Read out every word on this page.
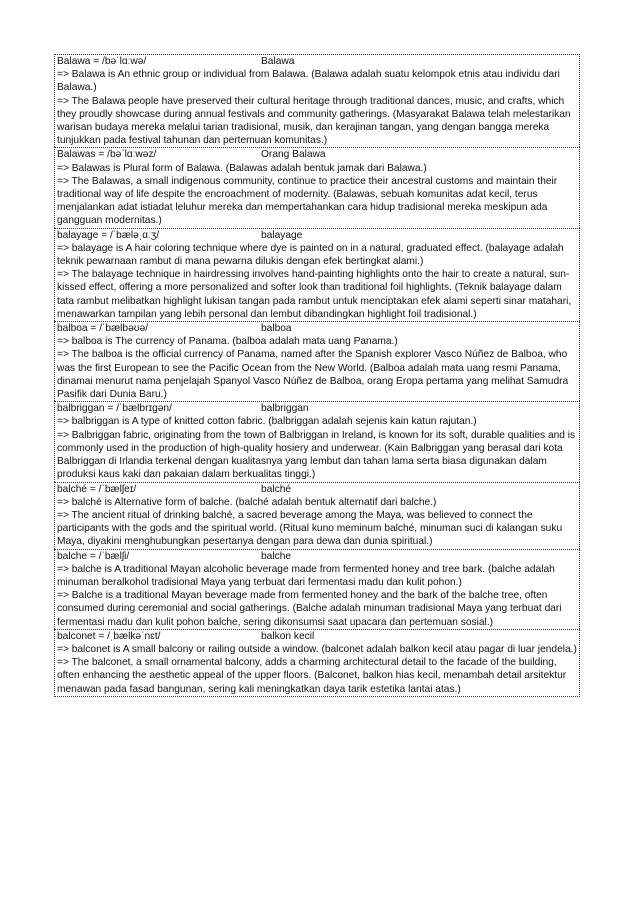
Balawa = /bəˈlɑːwə/	Balawa
=> Balawa is An ethnic group or individual from Balawa. (Balawa adalah suatu kelompok etnis atau individu dari Balawa.)
=> The Balawa people have preserved their cultural heritage through traditional dances, music, and crafts, which they proudly showcase during annual festivals and community gatherings. (Masyarakat Balawa telah melestarikan warisan budaya mereka melalui tarian tradisional, musik, dan kerajinan tangan, yang dengan bangga mereka tunjukkan pada festival tahunan dan pertemuan komunitas.)
Balawas = /bəˈlɑːwəz/	Orang Balawa
=> Balawas is Plural form of Balawa. (Balawas adalah bentuk jamak dari Balawa.)
=> The Balawas, a small indigenous community, continue to practice their ancestral customs and maintain their traditional way of life despite the encroachment of modernity. (Balawas, sebuah komunitas adat kecil, terus menjalankan adat istiadat leluhur mereka dan mempertahankan cara hidup tradisional mereka meskipun ada gangguan modernitas.)
balayage = /ˈbæləˌɑːʒ/	balayage
=> balayage is A hair coloring technique where dye is painted on in a natural, graduated effect. (balayage adalah teknik pewarnaan rambut di mana pewarna dilukis dengan efek bertingkat alami.)
=> The balayage technique in hairdressing involves hand-painting highlights onto the hair to create a natural, sun-kissed effect, offering a more personalized and softer look than traditional foil highlights. (Teknik balayage dalam tata rambut melibatkan highlight lukisan tangan pada rambut untuk menciptakan efek alami seperti sinar matahari, menawarkan tampilan yang lebih personal dan lembut dibandingkan highlight foil tradisional.)
balboa = /ˈbælbəʊə/	balboa
=> balboa is The currency of Panama. (balboa adalah mata uang Panama.)
=> The balboa is the official currency of Panama, named after the Spanish explorer Vasco Núñez de Balboa, who was the first European to see the Pacific Ocean from the New World. (Balboa adalah mata uang resmi Panama, dinamai menurut nama penjelajah Spanyol Vasco Núñez de Balboa, orang Eropa pertama yang melihat Samudra Pasifik dari Dunia Baru.)
balbriggan = /ˈbælbrɪɡən/	balbriggan
=> balbriggan is A type of knitted cotton fabric. (balbriggan adalah sejenis kain katun rajutan.)
=> Balbriggan fabric, originating from the town of Balbriggan in Ireland, is known for its soft, durable qualities and is commonly used in the production of high-quality hosiery and underwear. (Kain Balbriggan yang berasal dari kota Balbriggan di Irlandia terkenal dengan kualitasnya yang lembut dan tahan lama serta biasa digunakan dalam produksi kaus kaki dan pakaian dalam berkualitas tinggi.)
balché = /ˈbælʃeɪ/	balché
=> balché is Alternative form of balche. (balché adalah bentuk alternatif dari balche.)
=> The ancient ritual of drinking balché, a sacred beverage among the Maya, was believed to connect the participants with the gods and the spiritual world. (Ritual kuno meminum balché, minuman suci di kalangan suku Maya, diyakini menghubungkan pesertanya dengan para dewa dan dunia spiritual.)
balche = /ˈbælʃi/	balche
=> balche is A traditional Mayan alcoholic beverage made from fermented honey and tree bark. (balche adalah minuman beralkohol tradisional Maya yang terbuat dari fermentasi madu dan kulit pohon.)
=> Balche is a traditional Mayan beverage made from fermented honey and the bark of the balche tree, often consumed during ceremonial and social gatherings. (Balche adalah minuman tradisional Maya yang terbuat dari fermentasi madu dan kulit pohon balche, sering dikonsumsi saat upacara dan pertemuan sosial.)
balconet = /ˌbælkəˈnɛt/	balkon kecil
=> balconet is A small balcony or railing outside a window. (balconet adalah balkon kecil atau pagar di luar jendela.)
=> The balconet, a small ornamental balcony, adds a charming architectural detail to the facade of the building, often enhancing the aesthetic appeal of the upper floors. (Balconet, balkon hias kecil, menambah detail arsitektur menawan pada fasad bangunan, sering kali meningkatkan daya tarik estetika lantai atas.)
